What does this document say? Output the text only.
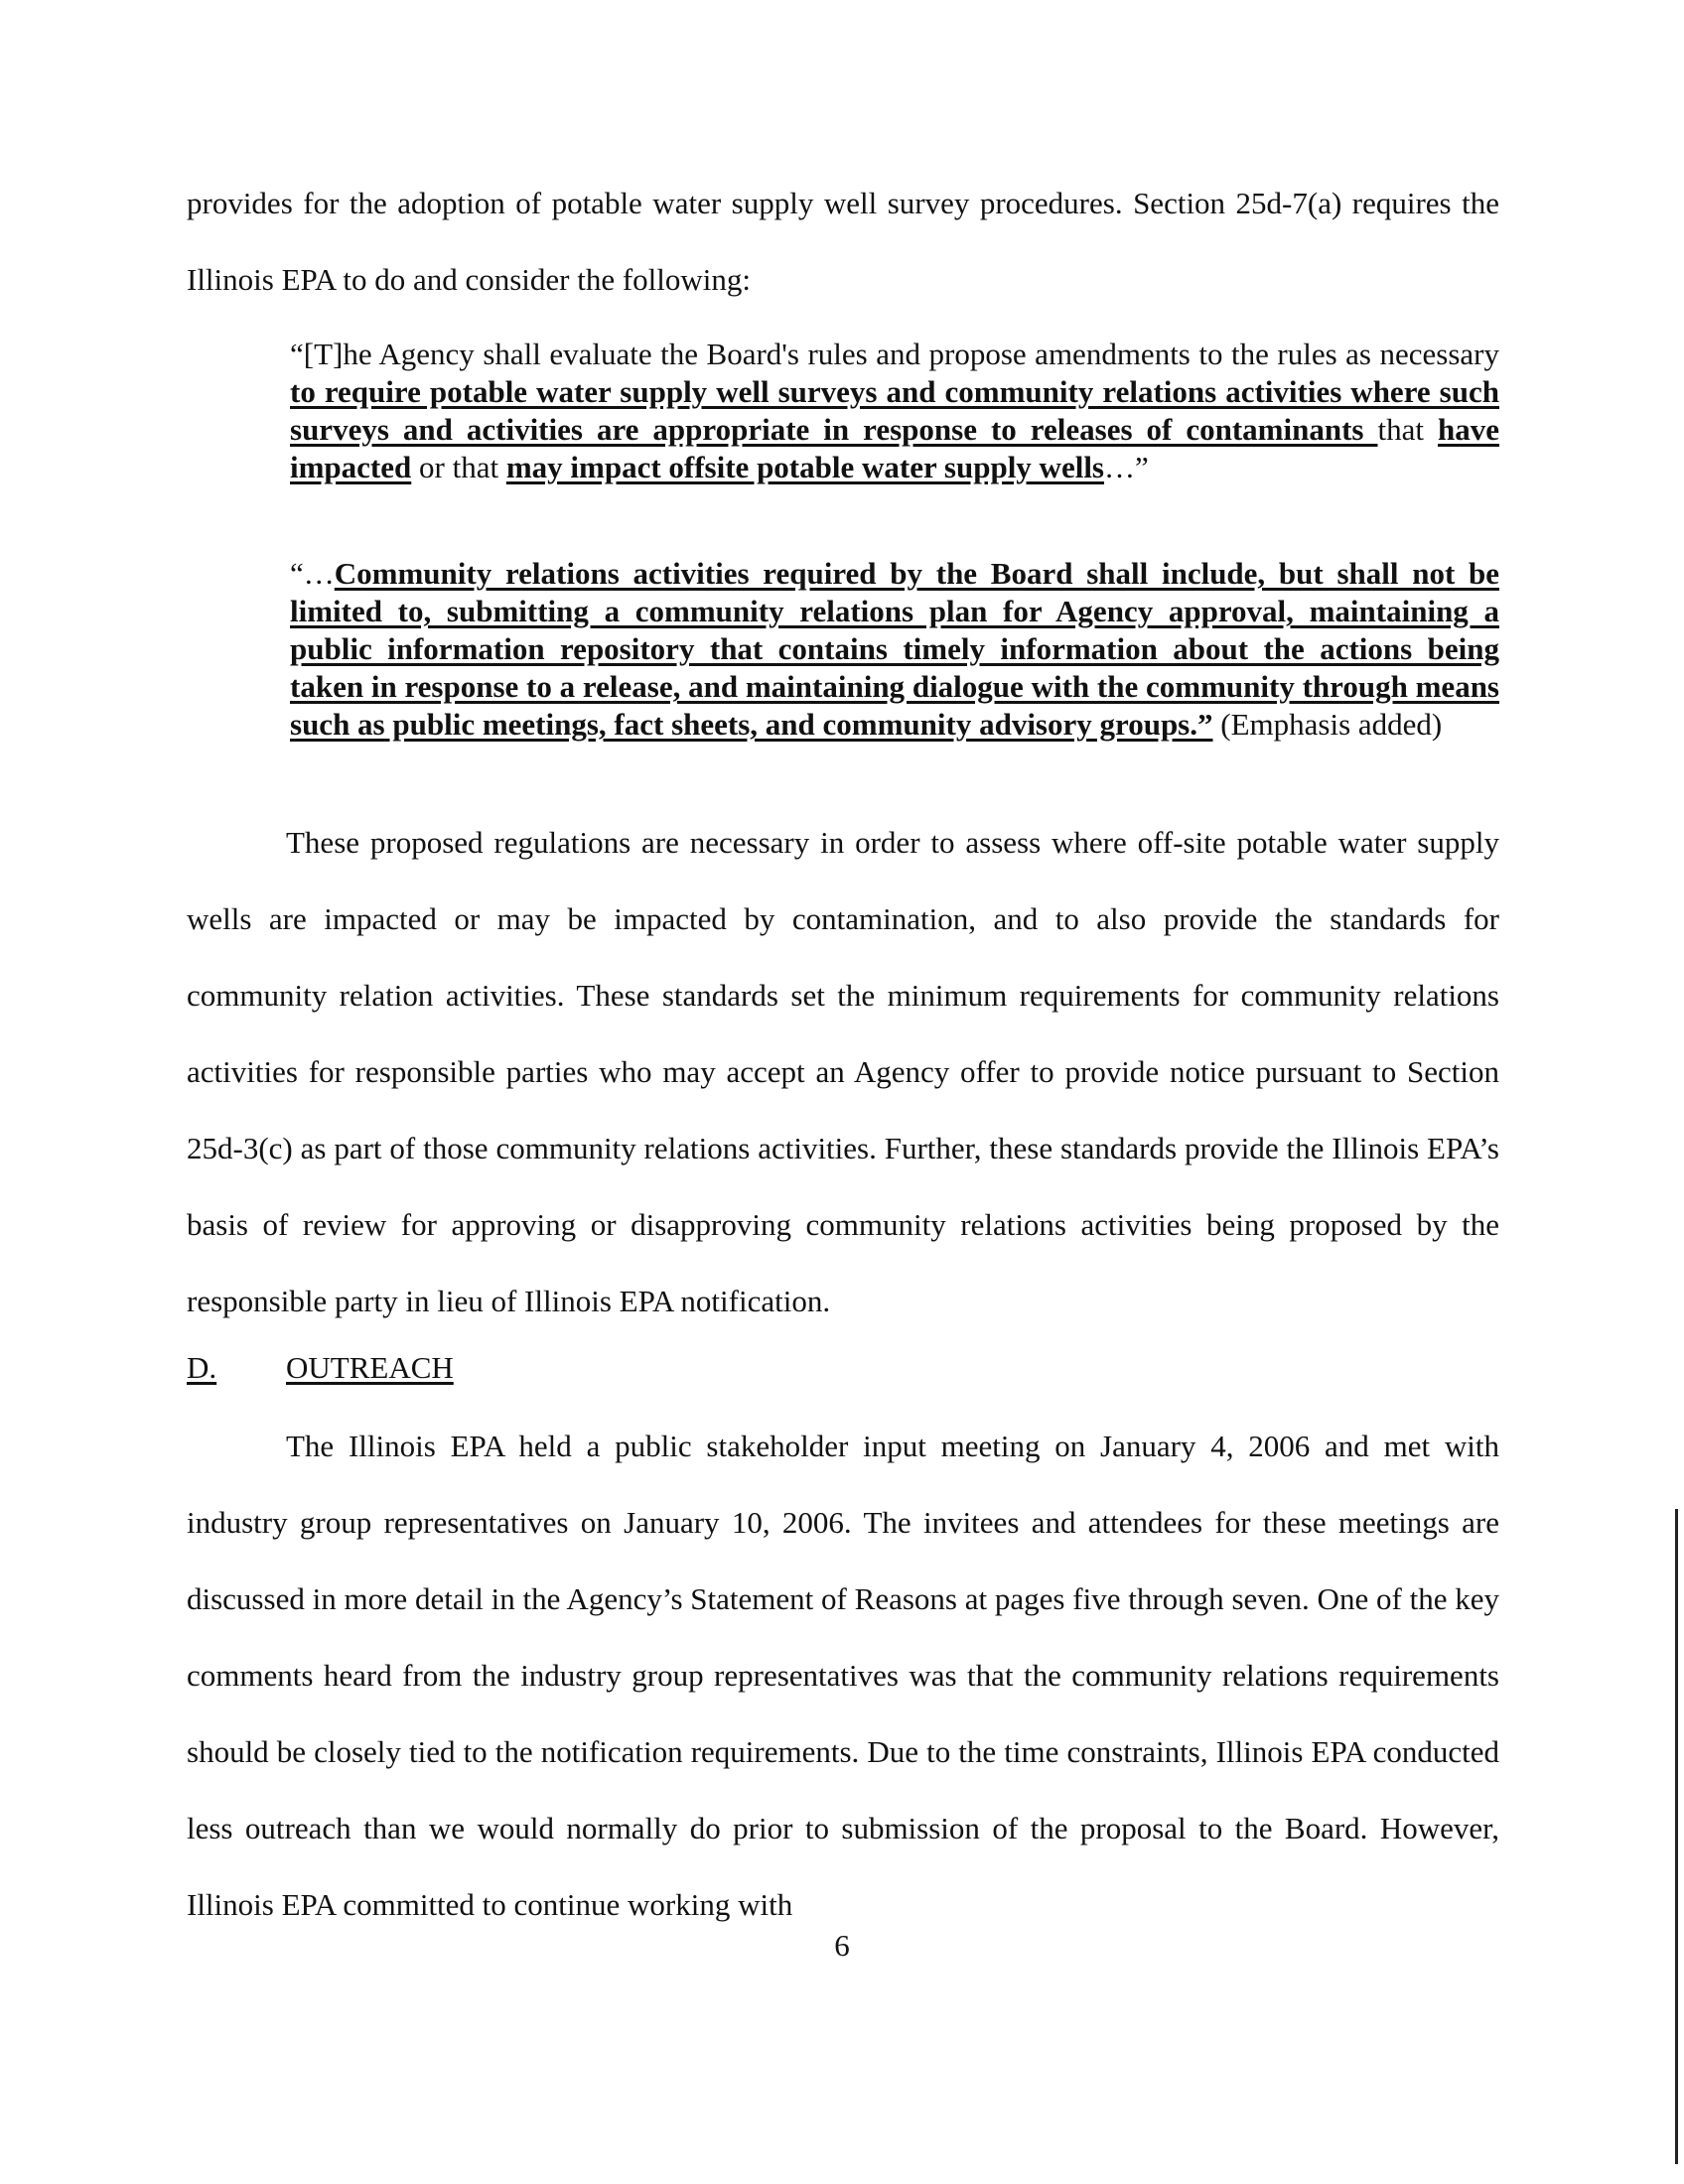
provides for the adoption of potable water supply well survey procedures. Section 25d-7(a) requires the Illinois EPA to do and consider the following:

“[T]he Agency shall evaluate the Board's rules and propose amendments to the rules as necessary to require potable water supply well surveys and community relations activities where such surveys and activities are appropriate in response to releases of contaminants that have impacted or that may impact offsite potable water supply wells…”

“…Community relations activities required by the Board shall include, but shall not be limited to, submitting a community relations plan for Agency approval, maintaining a public information repository that contains timely information about the actions being taken in response to a release, and maintaining dialogue with the community through means such as public meetings, fact sheets, and community advisory groups.” (Emphasis added)

These proposed regulations are necessary in order to assess where off-site potable water supply wells are impacted or may be impacted by contamination, and to also provide the standards for community relation activities. These standards set the minimum requirements for community relations activities for responsible parties who may accept an Agency offer to provide notice pursuant to Section 25d-3(c) as part of those community relations activities. Further, these standards provide the Illinois EPA’s basis of review for approving or disapproving community relations activities being proposed by the responsible party in lieu of Illinois EPA notification.

D. OUTREACH

The Illinois EPA held a public stakeholder input meeting on January 4, 2006 and met with industry group representatives on January 10, 2006. The invitees and attendees for these meetings are discussed in more detail in the Agency’s Statement of Reasons at pages five through seven. One of the key comments heard from the industry group representatives was that the community relations requirements should be closely tied to the notification requirements. Due to the time constraints, Illinois EPA conducted less outreach than we would normally do prior to submission of the proposal to the Board. However, Illinois EPA committed to continue working with

6
